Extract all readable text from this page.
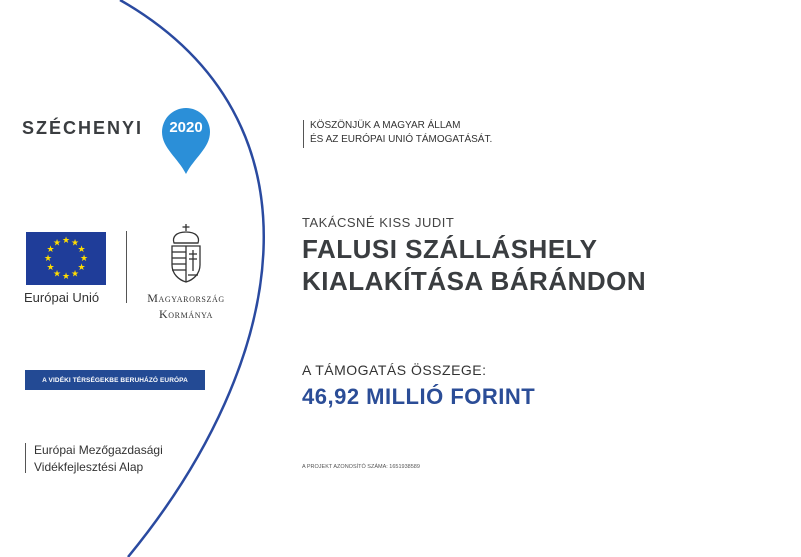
SZÉCHENYI	2020
★ ★
★
★
★
★
★
★
★
★
★
★
Európai Unió	Magyarország
Kormánya
A VIDÉKI TÉRSÉGEKBE BERUHÁZÓ EURÓPA
Európai Mezőgazdasági
Vidékfejlesztési Alap
KÖSZÖNJÜK A MAGYAR ÁLLAM
ÉS AZ EURÓPAI UNIÓ TÁMOGATÁSÁT.
TAKÁCSNÉ KISS JUDIT
FALUSI SZÁLLÁSHELY
KIALAKÍTÁSA BÁRÁNDON
A TÁMOGATÁS ÖSSZEGE:
46,92 MILLIÓ FORINT
A PROJEKT AZONOSÍTÓ SZÁMA: 1651938589
